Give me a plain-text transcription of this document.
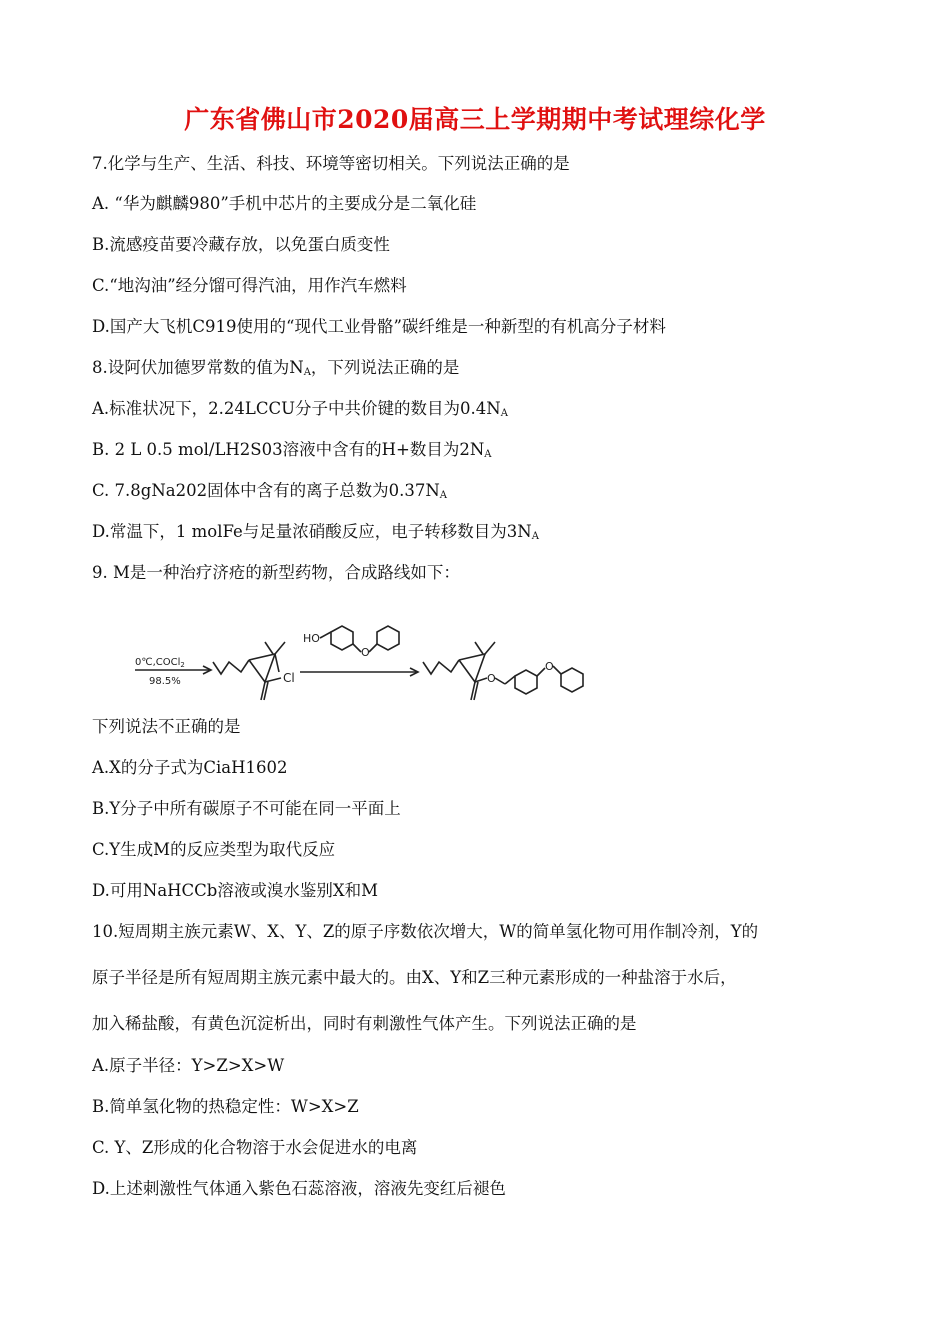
广东省佛山市2020届高三上学期期中考试理综化学
7.化学与生产、生活、科技、环境等密切相关。下列说法正确的是
A. “华为麒麟980”手机中芯片的主要成分是二氧化硅
B.流感疫苗要冷藏存放，以免蛋白质变性
C.“地沟油”经分馏可得汽油，用作汽车燃料
D.国产大飞机C919使用的“现代工业骨骼”碳纤维是一种新型的有机高分子材料
8.设阿伏加德罗常数的值为$N_A$，下列说法正确的是
A.标准状况下，2.24LCCU分子中共价键的数目为$0.4N_A$
B. 2 L 0.5 mol/LH2S03溶液中含有的H+数目为$2N_A$
C. 7.8gNa202固体中含有的离子总数为$0.37N_A$
D.常温下，1 molFe与足量浓硝酸反应，电子转移数目为$3N_A$
9. M是一种治疗济疮的新型药物，合成路线如下：
0℃,COCl$_2$
98.5%	Cl
HO
O
O
O
下列说法不正确的是
A.X的分子式为CiaH1602
B.Y分子中所有碳原子不可能在同一平面上
C.Y生成M的反应类型为取代反应
D.可用NaHCCb溶液或溴水鉴别X和M
10.短周期主族元素W、X、Y、Z的原子序数依次增大，W的简单氢化物可用作制冷剂，Y的
原子半径是所有短周期主族元素中最大的。由X、Y和Z三种元素形成的一种盐溶于水后，
加入稀盐酸，有黄色沉淀析出，同时有刺激性气体产生。下列说法正确的是
A.原子半径：Y>Z>X>W
B.简单氢化物的热稳定性：W>X>Z
C. Y、Z形成的化合物溶于水会促进水的电离
D.上述刺激性气体通入紫色石蕊溶液，溶液先变红后褪色
